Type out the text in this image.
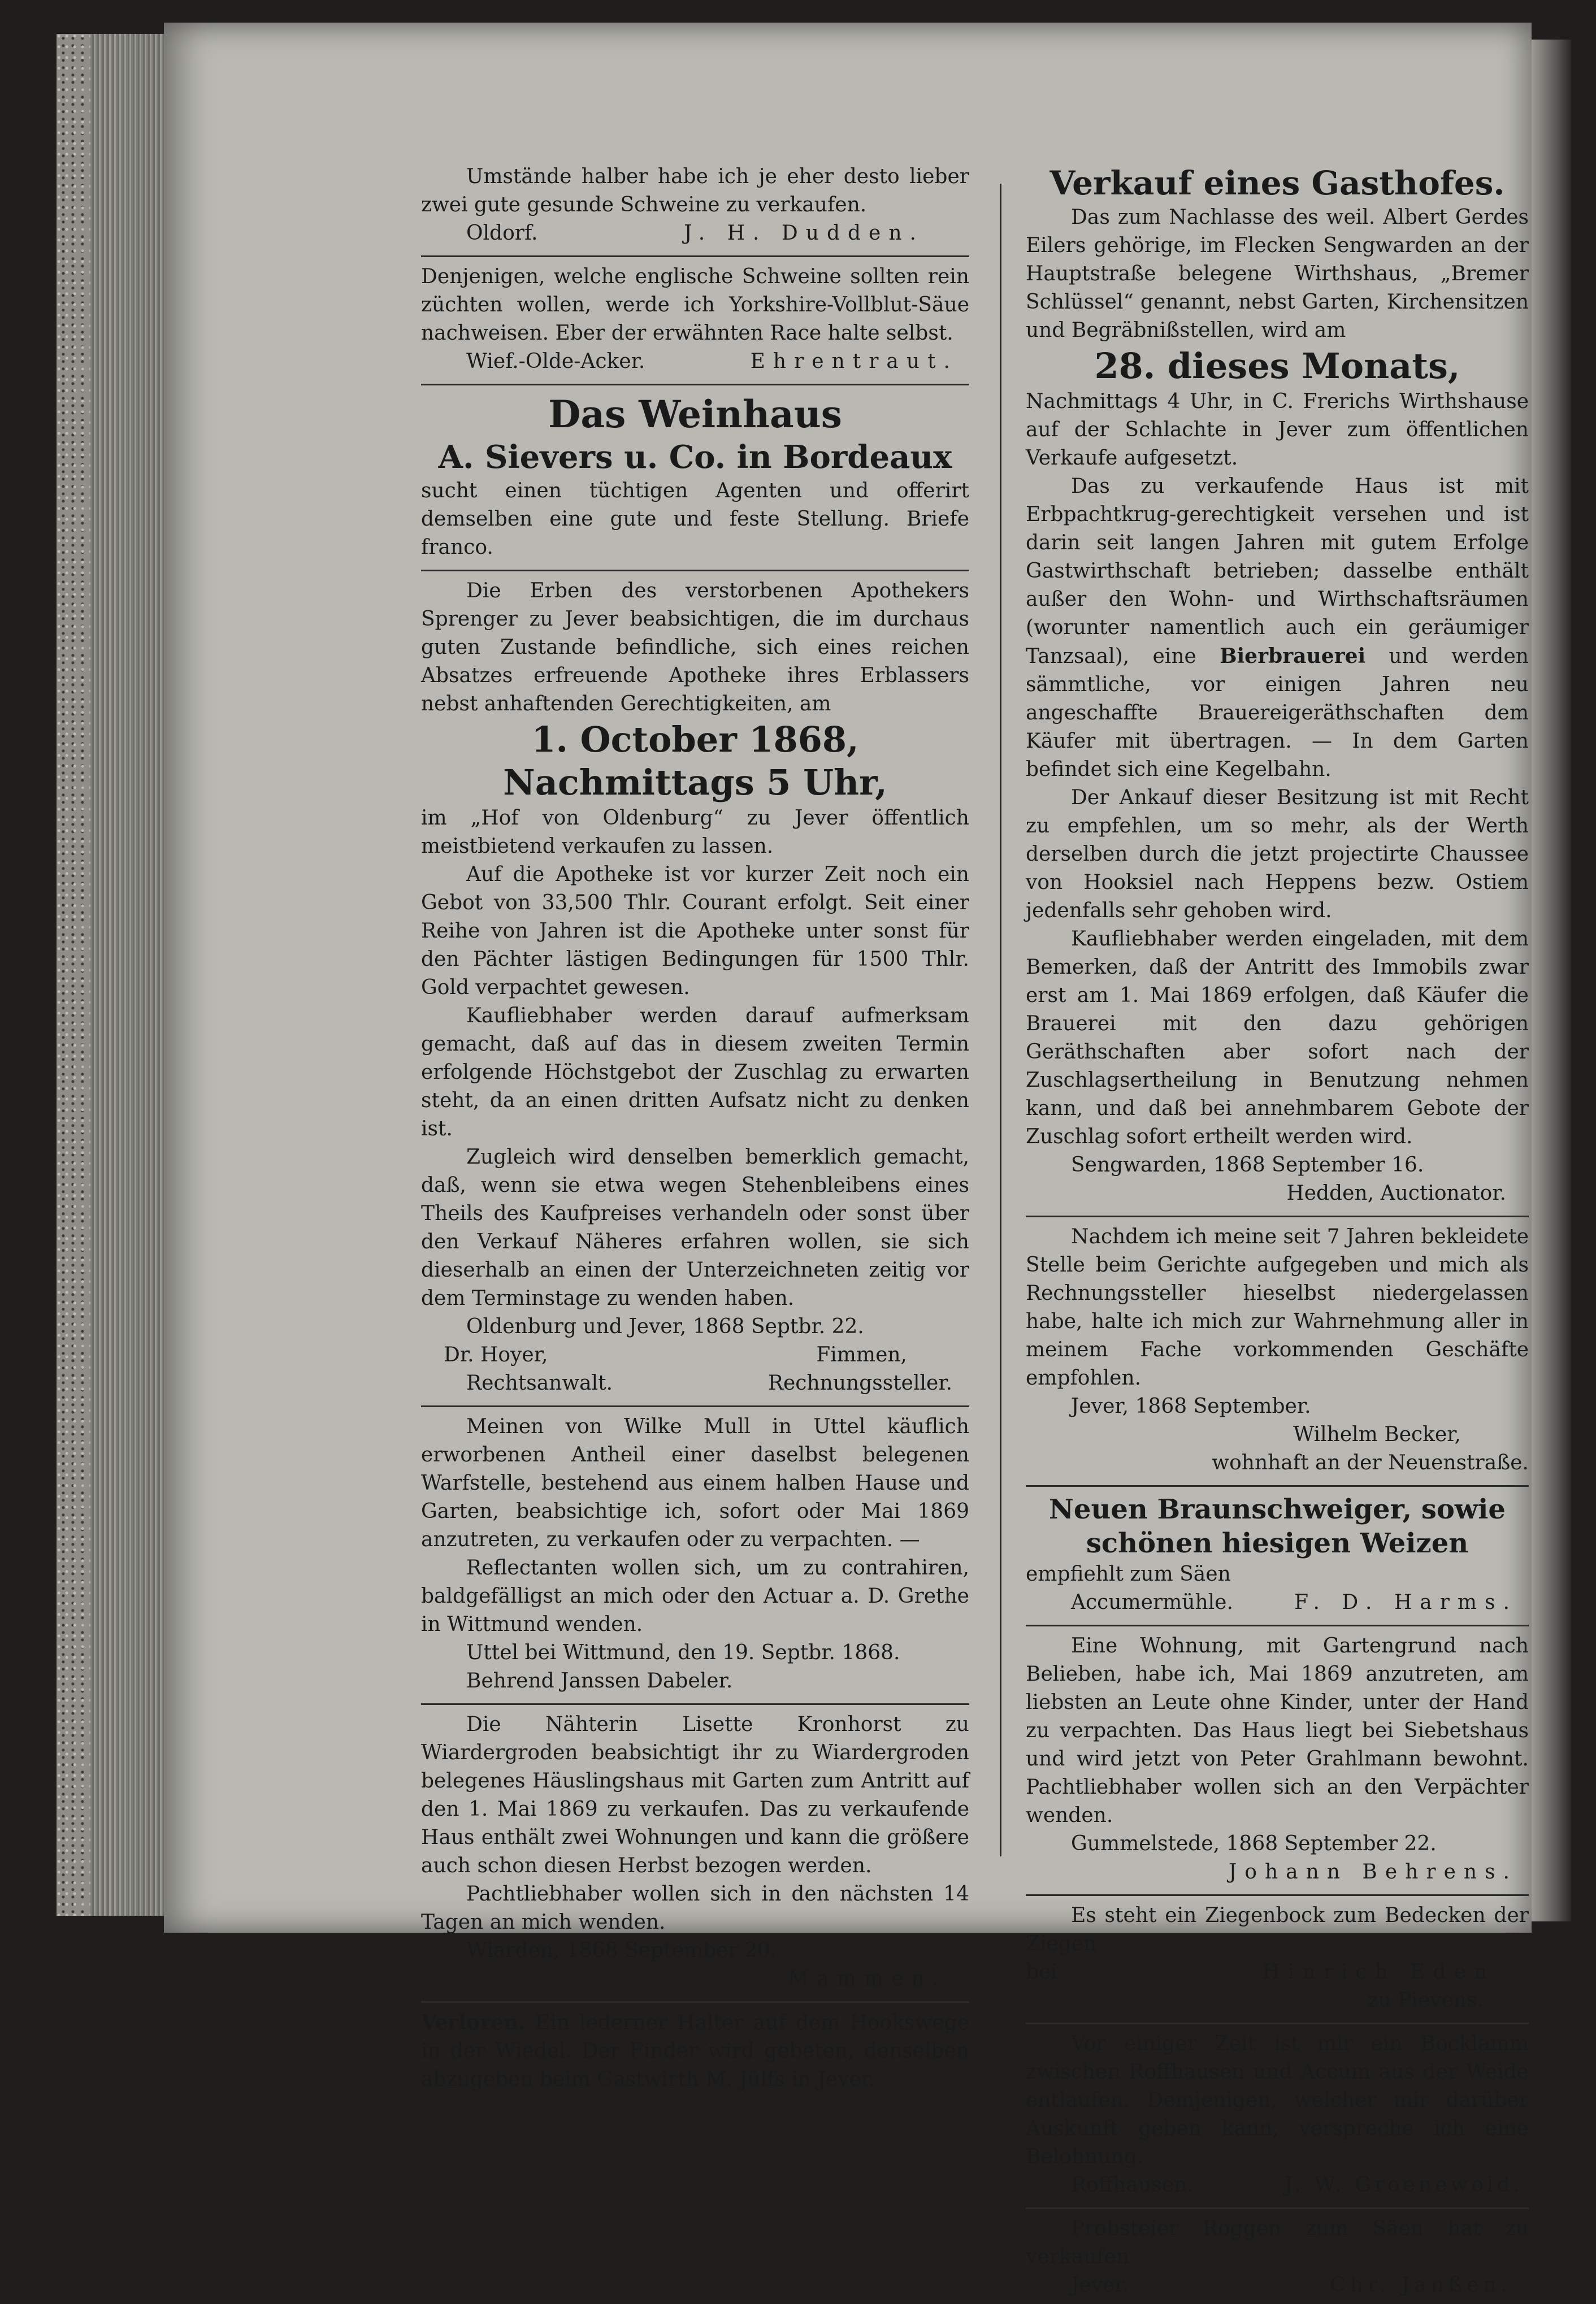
Umstände halber habe ich je eher desto lieber zwei gute gesunde Schweine zu verkaufen.

Oldorf.	J. H. Dudden.

Denjenigen, welche englische Schweine sollten rein züchten wollen, werde ich Yorkshire-Vollblut-Säue nachweisen. Eber der erwähnten Race halte selbst.

Wief.-Olde-Acker.	Ehrentraut.
Das Weinhaus
A. Sievers u. Co. in Bordeaux

sucht einen tüchtigen Agenten und offerirt demselben eine gute und feste Stellung. Briefe franco.

Die Erben des verstorbenen Apothekers Sprenger zu Jever beabsichtigen, die im durchaus guten Zustande befindliche, sich eines reichen Absatzes erfreuende Apotheke ihres Erblassers nebst anhaftenden Gerechtigkeiten, am

1. October 1868,
Nachmittags 5 Uhr,

im „Hof von Oldenburg“ zu Jever öffentlich meistbietend verkaufen zu lassen.

Auf die Apotheke ist vor kurzer Zeit noch ein Gebot von 33,500 Thlr. Courant erfolgt. Seit einer Reihe von Jahren ist die Apotheke unter sonst für den Pächter lästigen Bedingungen für 1500 Thlr. Gold verpachtet gewesen.

Kaufliebhaber werden darauf aufmerksam gemacht, daß auf das in diesem zweiten Termin erfolgende Höchstgebot der Zuschlag zu erwarten steht, da an einen dritten Aufsatz nicht zu denken ist.

Zugleich wird denselben bemerklich gemacht, daß, wenn sie etwa wegen Stehenbleibens eines Theils des Kaufpreises verhandeln oder sonst über den Verkauf Näheres erfahren wollen, sie sich dieserhalb an einen der Unterzeichneten zeitig vor dem Terminstage zu wenden haben.

Oldenburg und Jever, 1868 Septbr. 22.

Dr. Hoyer,	Fimmen,
Rechtsanwalt.	Rechnungssteller.

Meinen von Wilke Mull in Uttel käuflich erworbenen Antheil einer daselbst belegenen Warfstelle, bestehend aus einem halben Hause und Garten, beabsichtige ich, sofort oder Mai 1869 anzutreten, zu verkaufen oder zu verpachten. —

Reflectanten wollen sich, um zu contrahiren, baldgefälligst an mich oder den Actuar a. D. Grethe in Wittmund wenden.

Uttel bei Wittmund, den 19. Septbr. 1868.

Behrend Janssen Dabeler.

Die Nähterin Lisette Kronhorst zu Wiardergroden beabsichtigt ihr zu Wiardergroden belegenes Häuslingshaus mit Garten zum Antritt auf den 1. Mai 1869 zu verkaufen. Das zu verkaufende Haus enthält zwei Wohnungen und kann die größere auch schon diesen Herbst bezogen werden.

Pachtliebhaber wollen sich in den nächsten 14 Tagen an mich wenden.

Wiarden, 1868 September 20.

Mammen.

Verloren. Ein lederner Halter auf dem Hookswege in der Wiedel. Der Finder wird gebeten, denselben abzugeben beim Gastwirth M. Jülfs in Jever.

Verkauf eines Gasthofes.

Das zum Nachlasse des weil. Albert Gerdes Eilers gehörige, im Flecken Sengwarden an der Hauptstraße belegene Wirthshaus, „Bremer Schlüssel“ genannt, nebst Garten, Kirchensitzen und Begräbnißstellen, wird am

28. dieses Monats,

Nachmittags 4 Uhr, in C. Frerichs Wirthshause auf der Schlachte in Jever zum öffentlichen Verkaufe aufgesetzt.

Das zu verkaufende Haus ist mit Erbpachtkrug-gerechtigkeit versehen und ist darin seit langen Jahren mit gutem Erfolge Gastwirthschaft betrieben; dasselbe enthält außer den Wohn- und Wirthschaftsräumen (worunter namentlich auch ein geräumiger Tanzsaal), eine Bierbrauerei und werden sämmtliche, vor einigen Jahren neu angeschaffte Brauereigeräthschaften dem Käufer mit übertragen. — In dem Garten befindet sich eine Kegelbahn.

Der Ankauf dieser Besitzung ist mit Recht zu empfehlen, um so mehr, als der Werth derselben durch die jetzt projectirte Chaussee von Hooksiel nach Heppens bezw. Ostiem jedenfalls sehr gehoben wird.

Kaufliebhaber werden eingeladen, mit dem Bemerken, daß der Antritt des Immobils zwar erst am 1. Mai 1869 erfolgen, daß Käufer die Brauerei mit den dazu gehörigen Geräthschaften aber sofort nach der Zuschlagsertheilung in Benutzung nehmen kann, und daß bei annehmbarem Gebote der Zuschlag sofort ertheilt werden wird.

Sengwarden, 1868 September 16.

Hedden, Auctionator.

Nachdem ich meine seit 7 Jahren bekleidete Stelle beim Gerichte aufgegeben und mich als Rechnungssteller hieselbst niedergelassen habe, halte ich mich zur Wahrnehmung aller in meinem Fache vorkommenden Geschäfte empfohlen.

Jever, 1868 September.

Wilhelm Becker,

wohnhaft an der Neuenstraße.

Neuen Braunschweiger, sowie schönen hiesigen Weizen

empfiehlt zum Säen

Accumermühle.	F. D. Harms.

Eine Wohnung, mit Gartengrund nach Belieben, habe ich, Mai 1869 anzutreten, am liebsten an Leute ohne Kinder, unter der Hand zu verpachten. Das Haus liegt bei Siebetshaus und wird jetzt von Peter Grahlmann bewohnt. Pachtliebhaber wollen sich an den Verpächter wenden.

Gummelstede, 1868 September 22.

Johann Behrens.

Es steht ein Ziegenbock zum Bedecken der Ziegen

bei	Hinrich Eden

zu Pievens.

Vor einiger Zeit ist mir ein Bocklamm zwischen Roffhausen und Accum aus der Weide entlaufen. Demjenigen, welcher mir darüber Auskunft geben kann, verspreche ich eine Belohnung.

Roffhausen.	J. W. Groenewold.

Probsteier Roggen zum Säen hat zu verkaufen

Jever.	Chr. Janßen.
